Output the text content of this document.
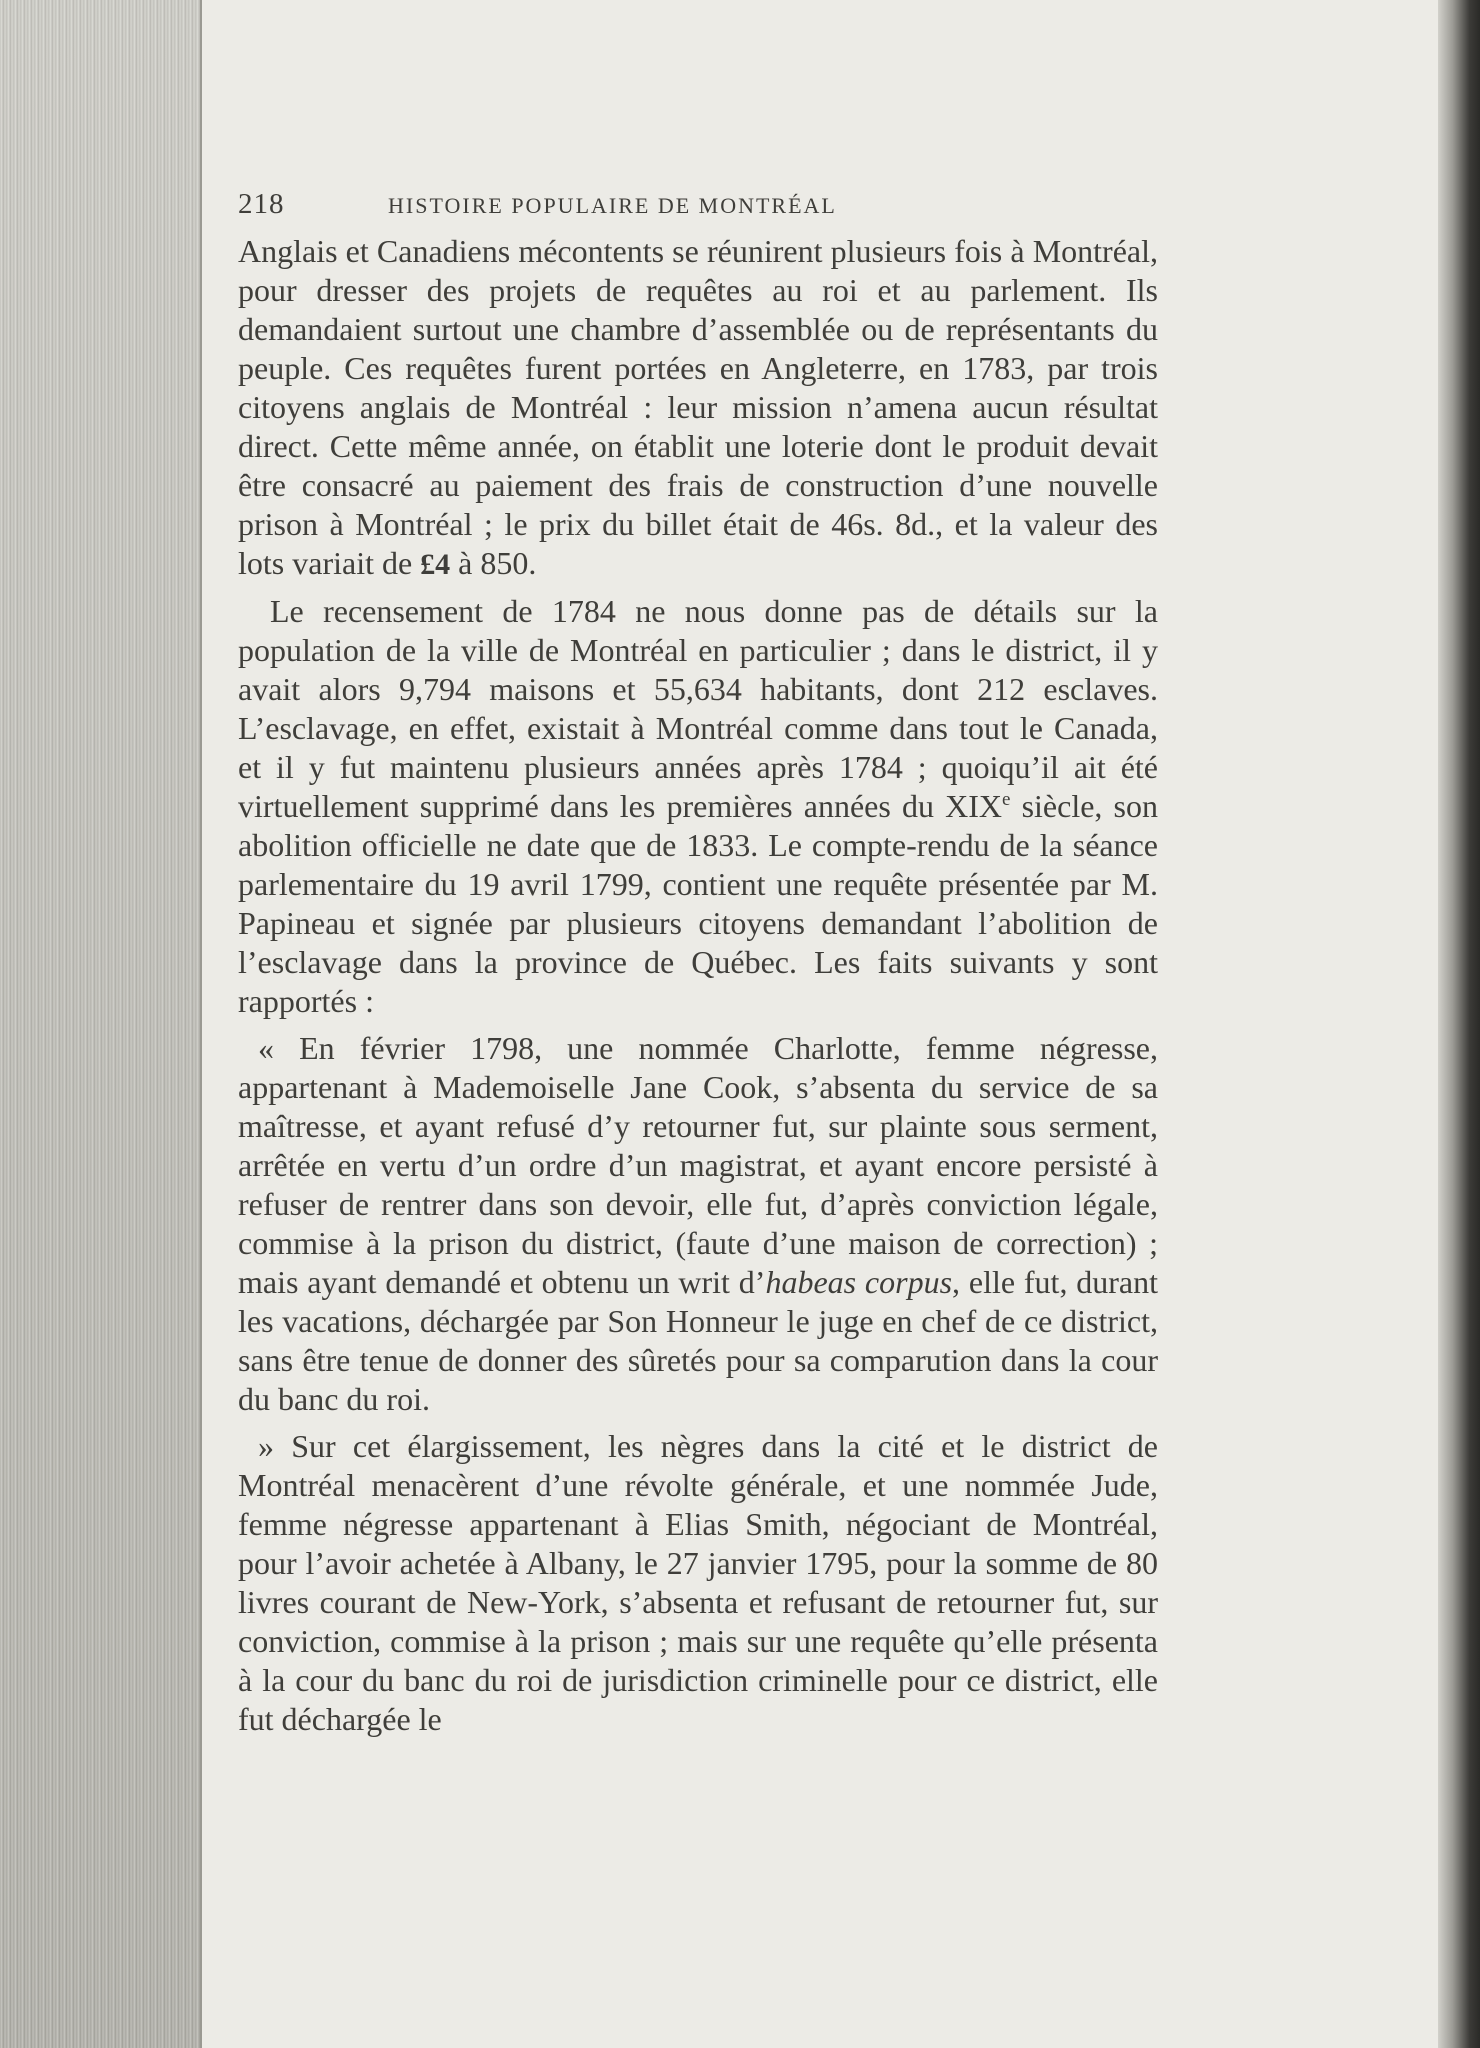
218	HISTOIRE POPULAIRE DE MONTRÉAL

Anglais et Canadiens mécontents se réunirent plusieurs fois à Montréal, pour dresser des projets de requêtes au roi et au parlement. Ils demandaient surtout une chambre d’assemblée ou de représentants du peuple. Ces requêtes furent portées en Angleterre, en 1783, par trois citoyens anglais de Montréal : leur mission n’amena aucun résultat direct. Cette même année, on établit une loterie dont le produit devait être consacré au paiement des frais de construction d’une nouvelle prison à Montréal ; le prix du billet était de 46s. 8d., et la valeur des lots variait de £4 à 850.

Le recensement de 1784 ne nous donne pas de détails sur la population de la ville de Montréal en particulier ; dans le district, il y avait alors 9,794 maisons et 55,634 habitants, dont 212 esclaves. L’esclavage, en effet, existait à Montréal comme dans tout le Canada, et il y fut maintenu plusieurs années après 1784 ; quoiqu’il ait été virtuellement supprimé dans les premières années du XIXe siècle, son abolition officielle ne date que de 1833. Le compte-rendu de la séance parlementaire du 19 avril 1799, contient une requête présentée par M. Papineau et signée par plusieurs citoyens demandant l’abolition de l’esclavage dans la province de Québec. Les faits suivants y sont rapportés :

« En février 1798, une nommée Charlotte, femme négresse, appartenant à Mademoiselle Jane Cook, s’absenta du service de sa maîtresse, et ayant refusé d’y retourner fut, sur plainte sous serment, arrêtée en vertu d’un ordre d’un magistrat, et ayant encore persisté à refuser de rentrer dans son devoir, elle fut, d’après conviction légale, commise à la prison du district, (faute d’une maison de correction) ; mais ayant demandé et obtenu un writ d’habeas corpus, elle fut, durant les vacations, déchargée par Son Honneur le juge en chef de ce district, sans être tenue de donner des sûretés pour sa comparution dans la cour du banc du roi.

» Sur cet élargissement, les nègres dans la cité et le district de Montréal menacèrent d’une révolte générale, et une nommée Jude, femme négresse appartenant à Elias Smith, négociant de Montréal, pour l’avoir achetée à Albany, le 27 janvier 1795, pour la somme de 80 livres courant de New-York, s’absenta et refusant de retourner fut, sur conviction, commise à la prison ; mais sur une requête qu’elle présenta à la cour du banc du roi de jurisdiction criminelle pour ce district, elle fut déchargée le
